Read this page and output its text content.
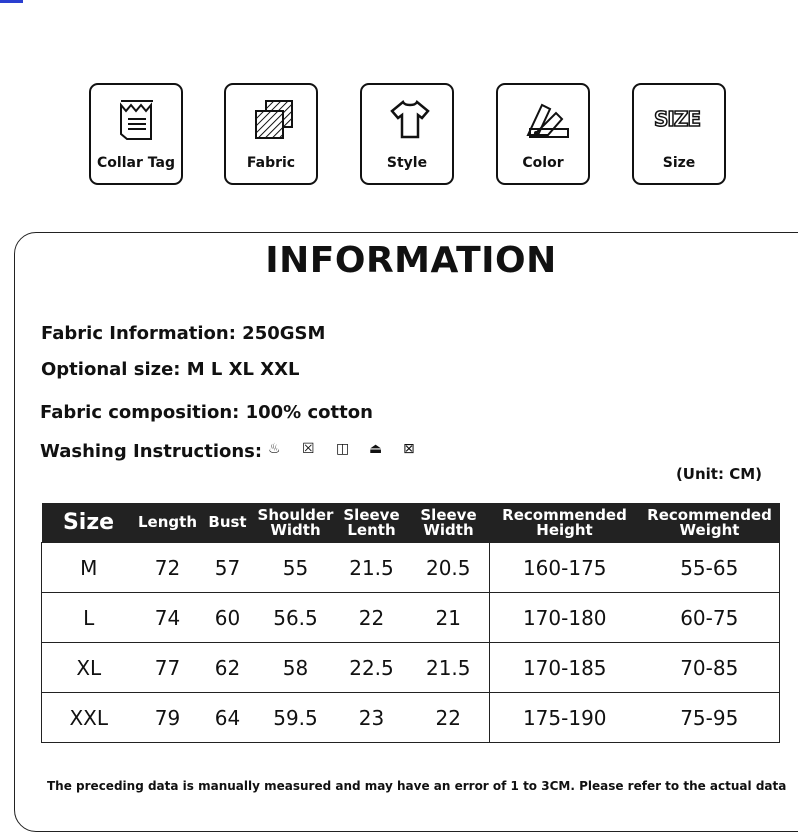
Collar Tag	Fabric	Style	Color
SIZE
Size
INFORMATION
Fabric Information: 250GSM
Optional size: M L XL XXL
Fabric composition: 100% cotton
Washing Instructions: ♨ ☒ ◫ ⏏ ⊠
(Unit: CM)
Size	Length	Bust	Shoulder Width	Sleeve Lenth	Sleeve Width	Recommended Height	Recommended Weight
M	72	57	55	21.5	20.5	160-175	55-65
L	74	60	56.5	22	21	170-180	60-75
XL	77	62	58	22.5	21.5	170-185	70-85
XXL	79	64	59.5	23	22	175-190	75-95
The preceding data is manually measured and may have an error of 1 to 3CM. Please refer to the actual data
